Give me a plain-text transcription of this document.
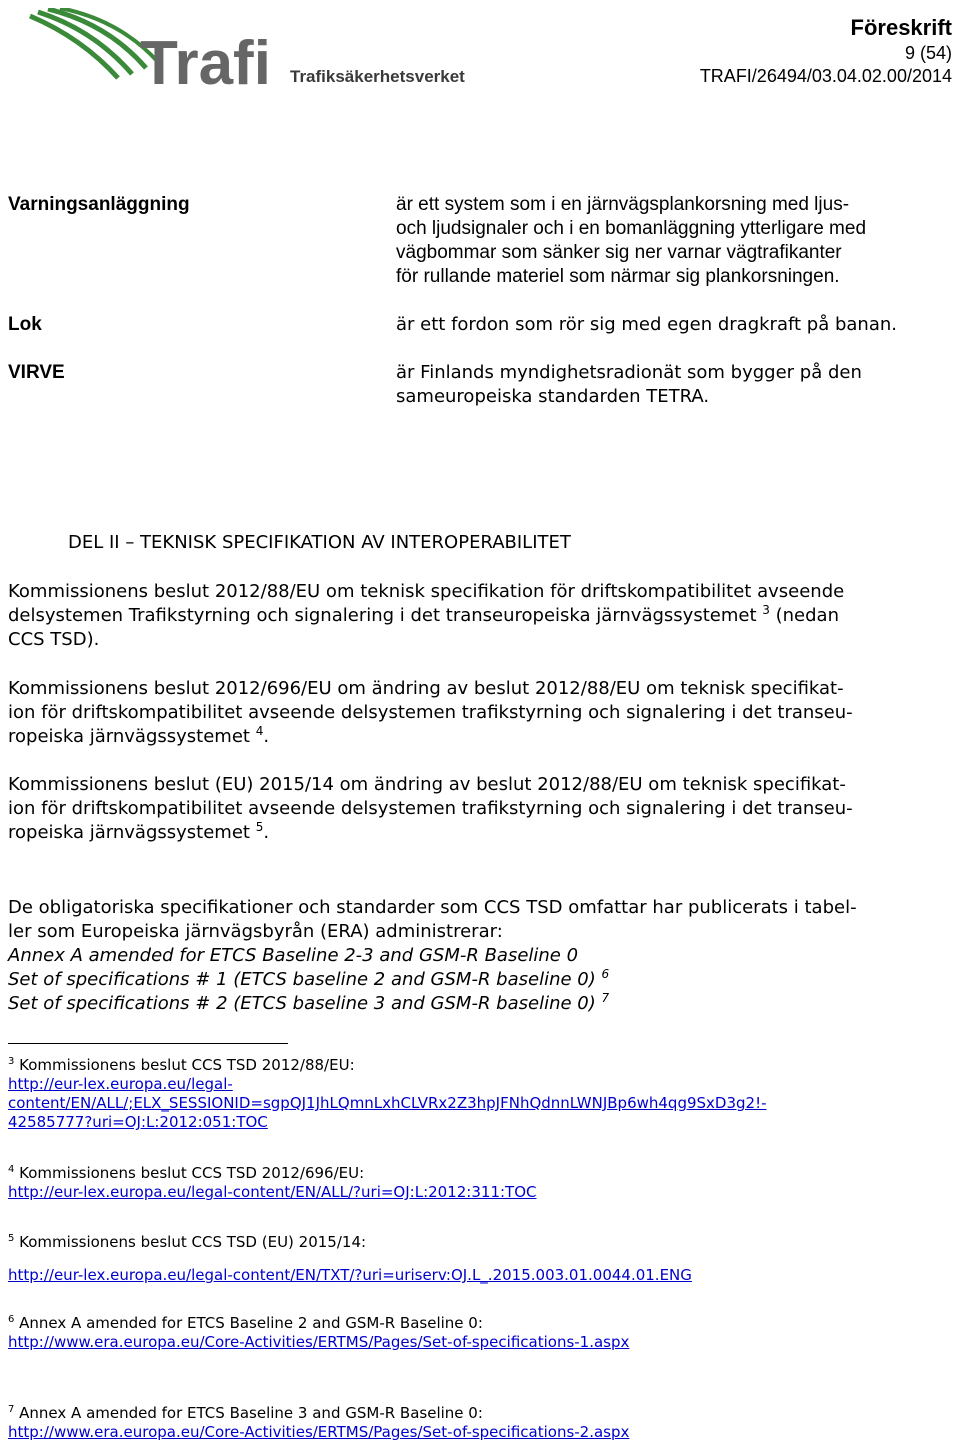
Trafi Trafiksäkerhetsverket
Föreskrift
9 (54)
TRAFI/26494/03.04.02.00/2014
Varningsanläggning	är ett system som i en järnvägsplankorsning med ljus-
och ljudsignaler och i en bomanläggning ytterligare med
vägbommar som sänker sig ner varnar vägtrafikanter
för rullande materiel som närmar sig plankorsningen.
Lok	är ett fordon som rör sig med egen dragkraft på banan.
VIRVE	är Finlands myndighetsradionät som bygger på den
sameuropeiska standarden TETRA.
DEL II – TEKNISK SPECIFIKATION AV INTEROPERABILITET
Kommissionens beslut 2012/88/EU om teknisk specifikation för driftskompatibilitet avseende
delsystemen Trafikstyrning och signalering i det transeuropeiska järnvägssystemet $^3$ (nedan
CCS TSD).
Kommissionens beslut 2012/696/EU om ändring av beslut 2012/88/EU om teknisk specifikat-
ion för driftskompatibilitet avseende delsystemen trafikstyrning och signalering i det transeu-
ropeiska järnvägssystemet $^4$.
Kommissionens beslut (EU) 2015/14 om ändring av beslut 2012/88/EU om teknisk specifikat-
ion för driftskompatibilitet avseende delsystemen trafikstyrning och signalering i det transeu-
ropeiska järnvägssystemet $^5$.
De obligatoriska specifikationer och standarder som CCS TSD omfattar har publicerats i tabel-
ler som Europeiska järnvägsbyrån (ERA) administrerar:
Annex A amended for ETCS Baseline 2-3 and GSM-R Baseline 0
Set of specifications # 1 (ETCS baseline 2 and GSM-R baseline 0) $^6$
Set of specifications # 2 (ETCS baseline 3 and GSM-R baseline 0) $^7$
$^3$ Kommissionens beslut CCS TSD 2012/88/EU:
http://eur-lex.europa.eu/legal-
content/EN/ALL/;ELX_SESSIONID=sgpQJ1JhLQmnLxhCLVRx2Z3hpJFNhQdnnLWNJBp6wh4qg9SxD3g2!-
42585777?uri=OJ:L:2012:051:TOC
$^4$ Kommissionens beslut CCS TSD 2012/696/EU:
http://eur-lex.europa.eu/legal-content/EN/ALL/?uri=OJ:L:2012:311:TOC
$^5$ Kommissionens beslut CCS TSD (EU) 2015/14:
http://eur-lex.europa.eu/legal-content/EN/TXT/?uri=uriserv:OJ.L_.2015.003.01.0044.01.ENG
$^6$ Annex A amended for ETCS Baseline 2 and GSM-R Baseline 0:
http://www.era.europa.eu/Core-Activities/ERTMS/Pages/Set-of-specifications-1.aspx
$^7$ Annex A amended for ETCS Baseline 3 and GSM-R Baseline 0:
http://www.era.europa.eu/Core-Activities/ERTMS/Pages/Set-of-specifications-2.aspx
